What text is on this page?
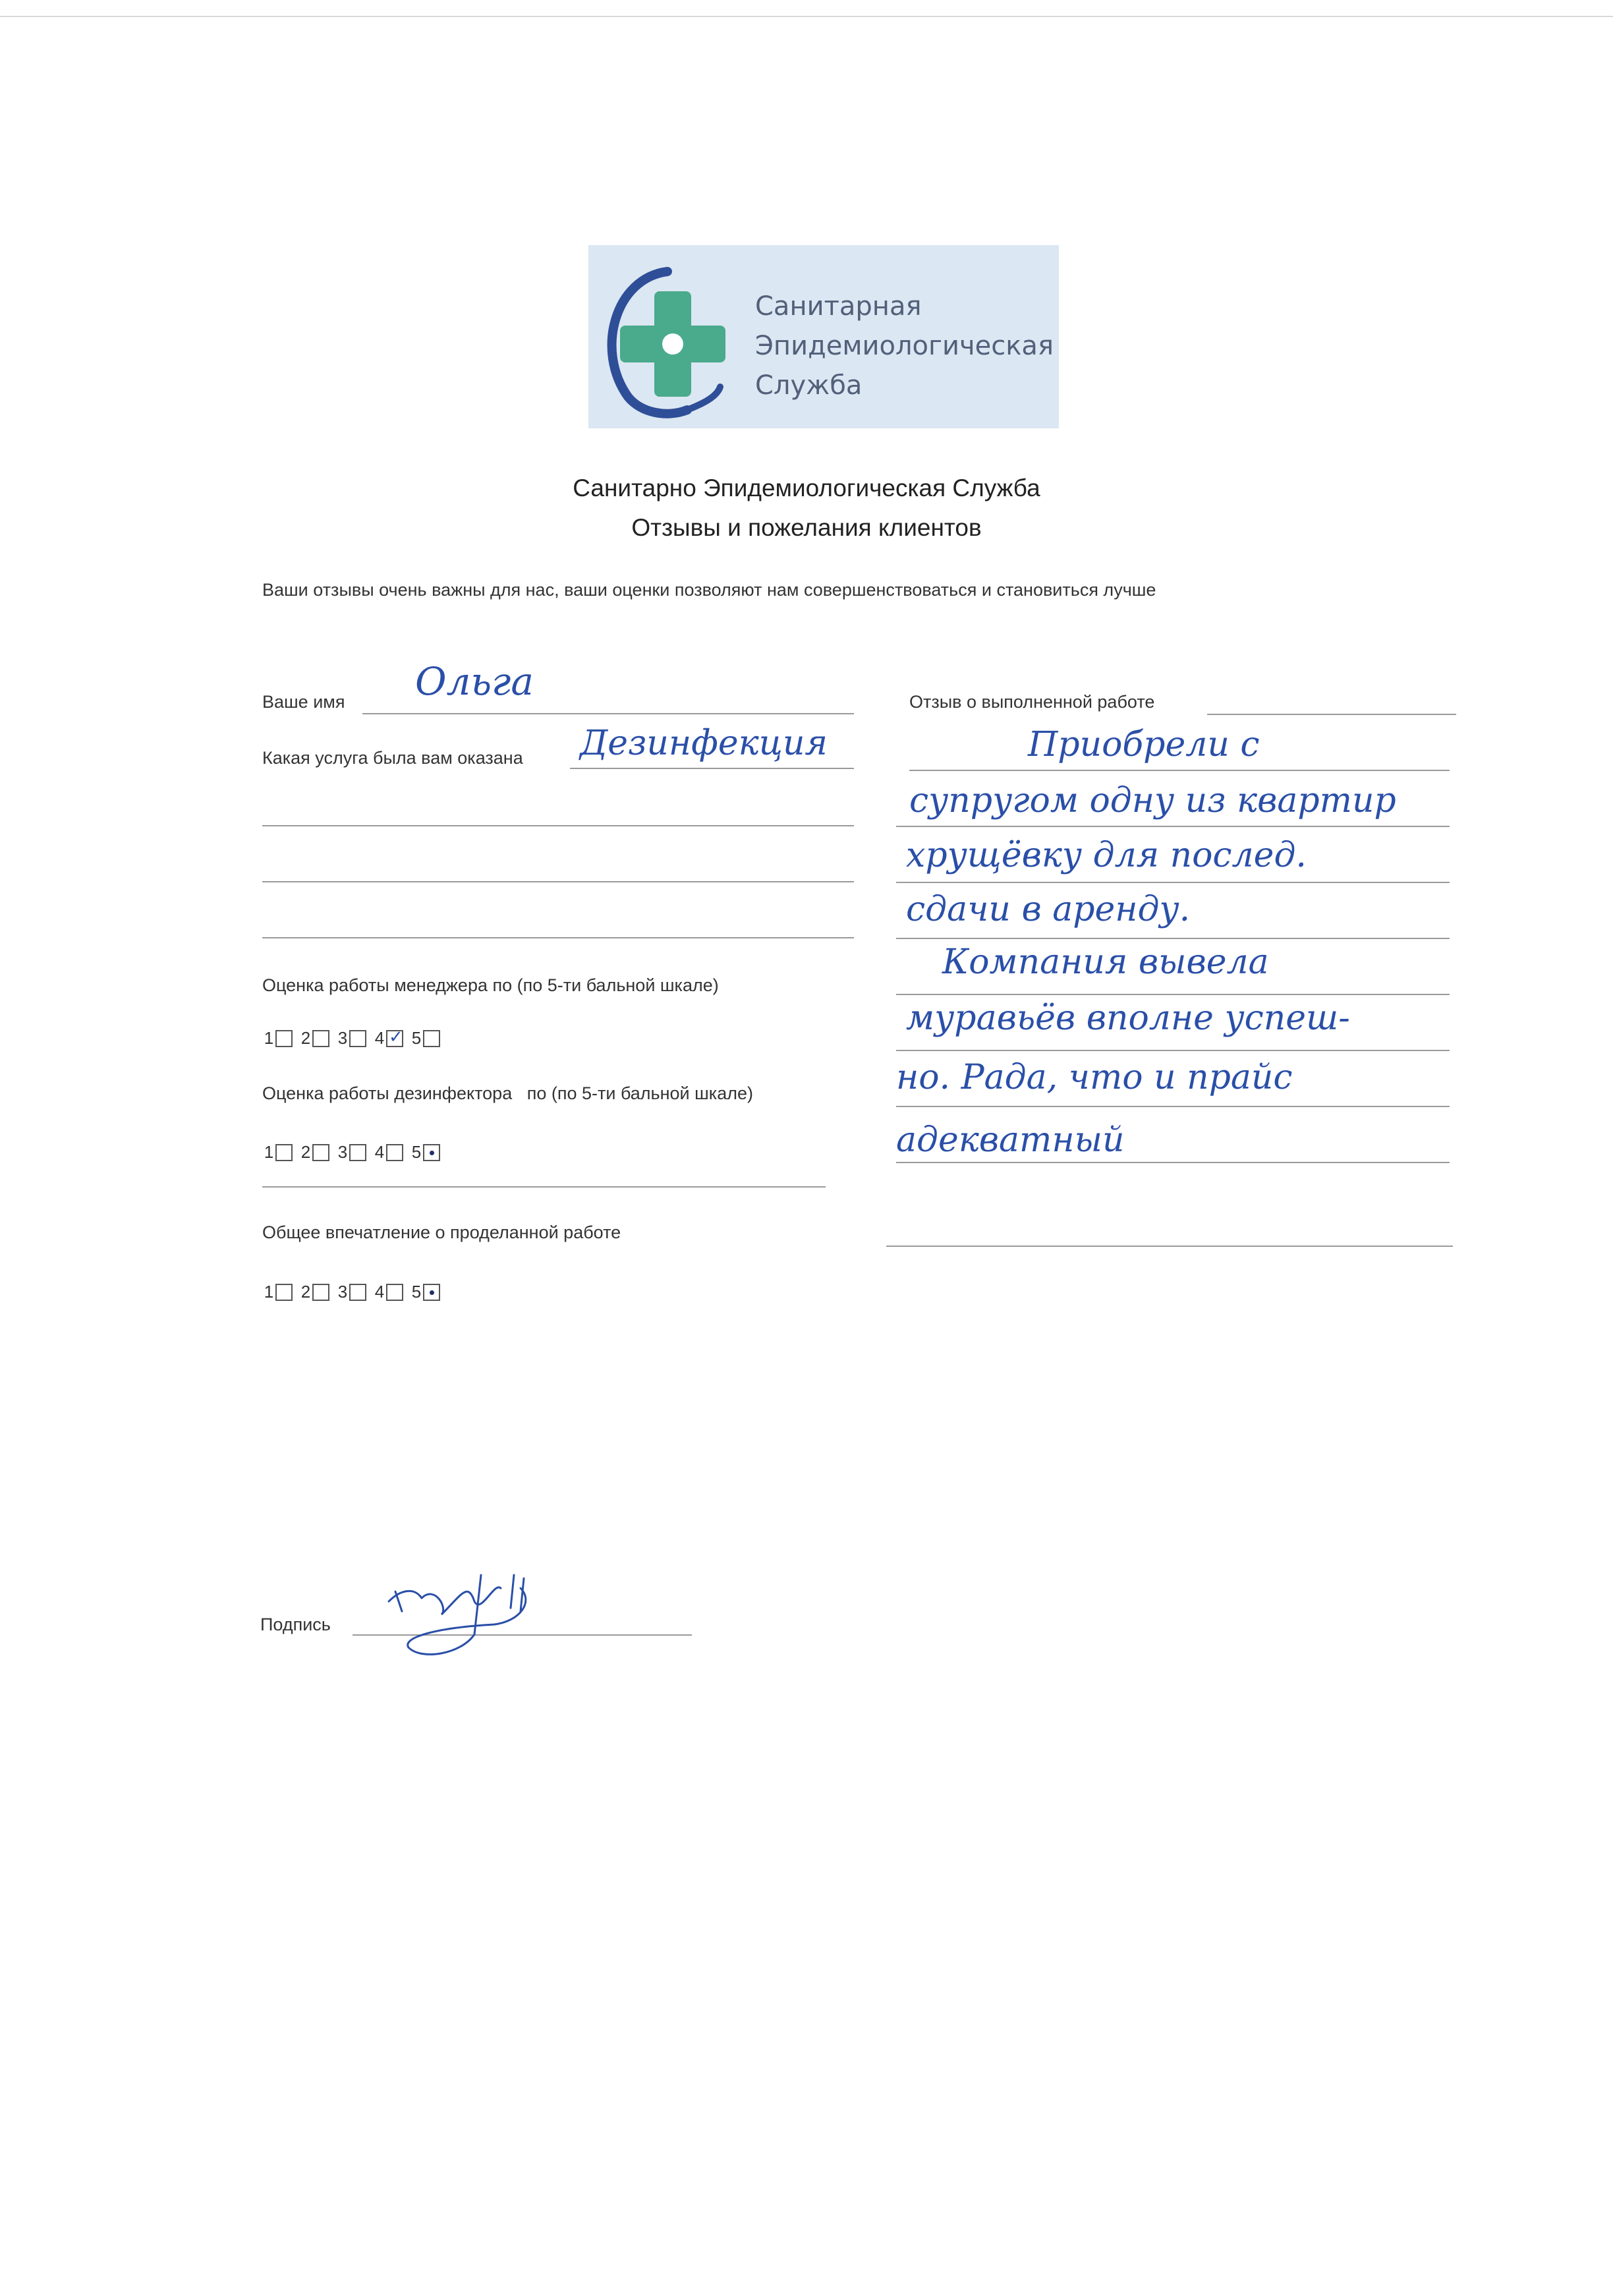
Санитарная
Эпидемиологическая
Служба
Санитарно Эпидемиологическая Служба
Отзывы и пожелания клиентов
Ваши отзывы очень важны для нас, ваши оценки позволяют нам совершенствоваться и становиться лучше
Ваше имя Ольга
Какая услуга была вам оказана Дезинфекция
Оценка работы менеджера по (по 5-ти бальной шкале)
1 2 3 4
✓ 5
Оценка работы дезинфектора   по (по 5-ти бальной шкале)
1 2 3 4 5
Общее впечатление о проделанной работе
1 2 3 4 5
Отзыв о выполненной работе
Приобрели с
супругом одну из квартир
хрущёвку для послед.
сдачи в аренду.
Компания вывела
муравьёв вполне успеш-
но. Рада, что и прайс
адекватный
Подпись
